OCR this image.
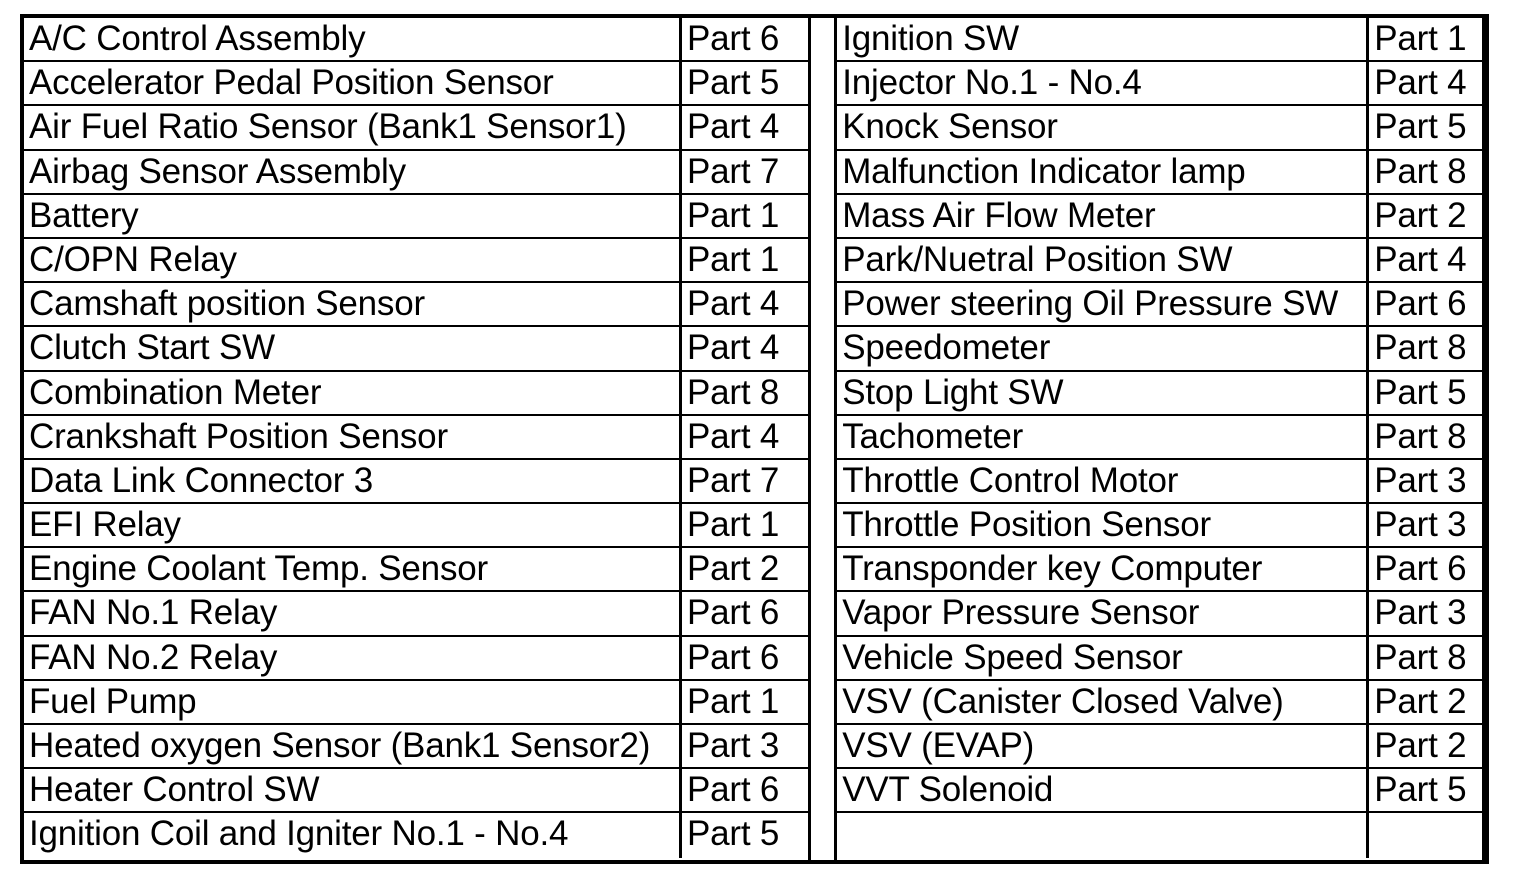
A/C Control Assembly	Part 6
Accelerator Pedal Position Sensor	Part 5
Air Fuel Ratio Sensor (Bank1 Sensor1)	Part 4
Airbag Sensor Assembly	Part 7
Battery	Part 1
C/OPN Relay	Part 1
Camshaft position Sensor	Part 4
Clutch Start SW	Part 4
Combination Meter	Part 8
Crankshaft Position Sensor	Part 4
Data Link Connector 3	Part 7
EFI Relay	Part 1
Engine Coolant Temp. Sensor	Part 2
FAN No.1 Relay	Part 6
FAN No.2 Relay	Part 6
Fuel Pump	Part 1
Heated oxygen Sensor (Bank1 Sensor2)	Part 3
Heater Control SW	Part 6
Ignition Coil and Igniter No.1 - No.4	Part 5
Ignition SW	Part 1
Injector No.1 - No.4	Part 4
Knock Sensor	Part 5
Malfunction Indicator lamp	Part 8
Mass Air Flow Meter	Part 2
Park/Nuetral Position SW	Part 4
Power steering Oil Pressure SW	Part 6
Speedometer	Part 8
Stop Light SW	Part 5
Tachometer	Part 8
Throttle Control Motor	Part 3
Throttle Position Sensor	Part 3
Transponder key Computer	Part 6
Vapor Pressure Sensor	Part 3
Vehicle Speed Sensor	Part 8
VSV (Canister Closed Valve)	Part 2
VSV (EVAP)	Part 2
VVT Solenoid	Part 5
